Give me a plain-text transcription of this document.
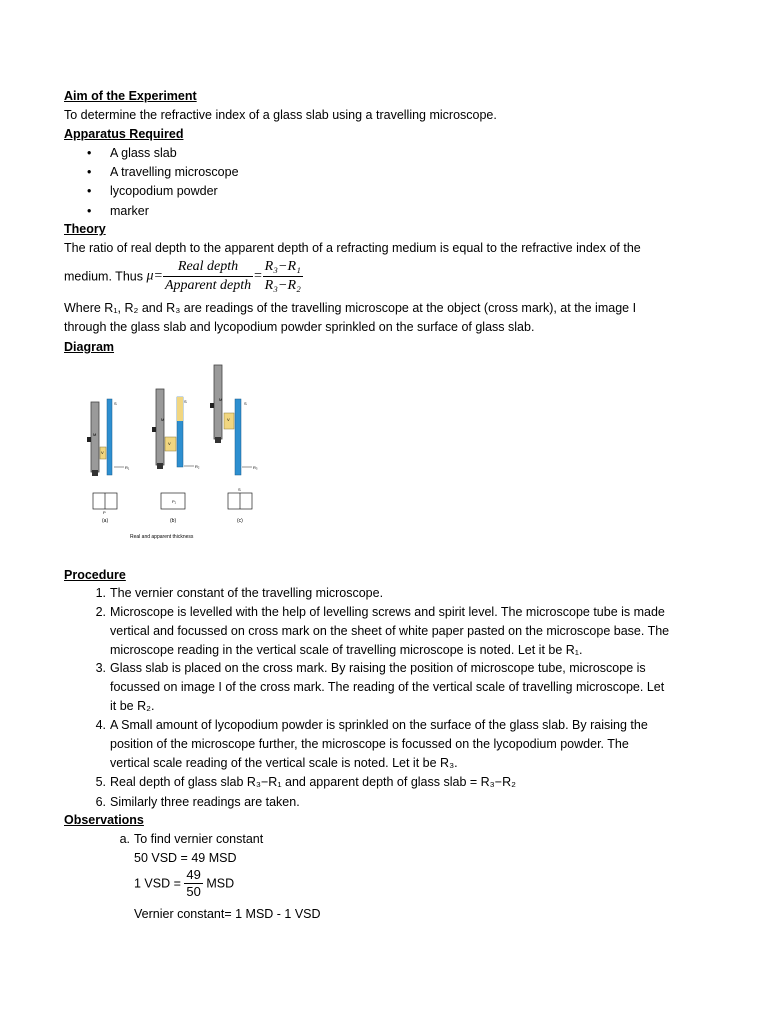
Aim of the Experiment
To determine the refractive index of a glass slab using a travelling microscope.
Apparatus Required
• A glass slab
• A travelling microscope
• lycopodium powder
• marker
Theory
The ratio of real depth to the apparent depth of a refracting medium is equal to the refractive index of the
medium. Thus $\mu= \frac{\text{Real depth}}{\text{Apparent depth}} = \frac{\text{R₃−R₁}}{\text{R₃−R₂}}$
Where R₁, R₂ and R₃ are readings of the travelling microscope at the object (cross mark), at the image I
through the glass slab and lycopodium powder sprinkled on the surface of glass slab.
Diagram
M
V
R₁
S
P
(a)
M
V
R₂
S
P₁
(b)
M
V
R₃
S
S
(c)
Real and apparent thickness
Procedure
1. The vernier constant of the travelling microscope.
2. Microscope is levelled with the help of levelling screws and spirit level. The microscope tube is made
vertical and focussed on cross mark on the sheet of white paper pasted on the microscope base. The
microscope reading in the vertical scale of travelling microscope is noted. Let it be R₁.
3. Glass slab is placed on the cross mark. By raising the position of microscope tube, microscope is
focussed on image I of the cross mark. The reading of the vertical scale of travelling microscope. Let
it be R₂.
4. A Small amount of lycopodium powder is sprinkled on the surface of the glass slab. By raising the
position of the microscope further, the microscope is focussed on the lycopodium powder. The
vertical scale reading of the vertical scale is noted. Let it be R₃.
5. Real depth of glass slab R₃−R₁ and apparent depth of glass slab = R₃−R₂
6. Similarly three readings are taken.
Observations
a. To find vernier constant
50 VSD = 49 MSD
1 VSD = $\frac{49}{50}$ MSD
Vernier constant= 1 MSD - 1 VSD
